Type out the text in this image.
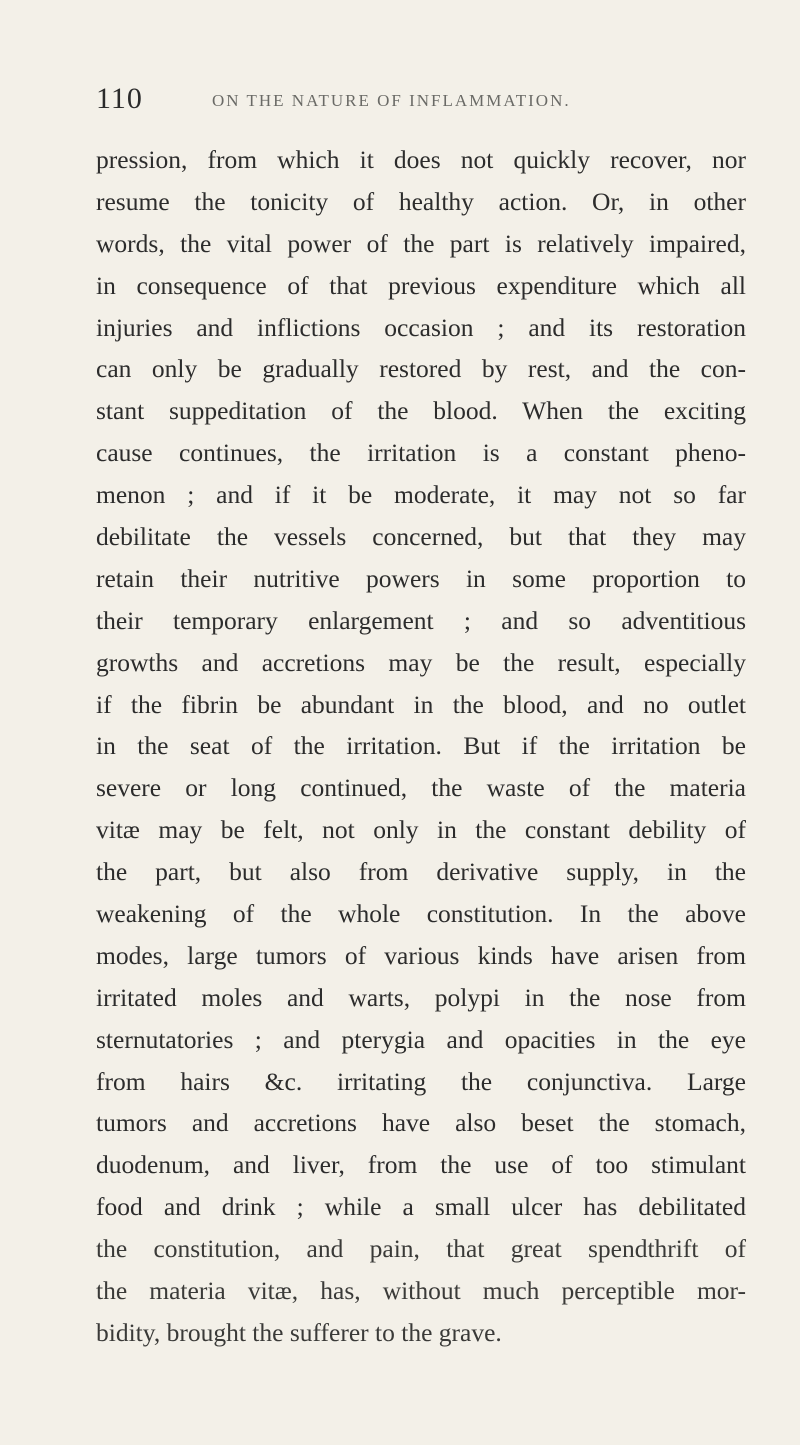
110	ON THE NATURE OF INFLAMMATION.
pression, from which it does not quickly recover, nor
resume the tonicity of healthy action. Or, in other
words, the vital power of the part is relatively impaired,
in consequence of that previous expenditure which all
injuries and inflictions occasion ; and its restoration
can only be gradually restored by rest, and the con-
stant suppeditation of the blood. When the exciting
cause continues, the irritation is a constant pheno-
menon ; and if it be moderate, it may not so far
debilitate the vessels concerned, but that they may
retain their nutritive powers in some proportion to
their temporary enlargement ; and so adventitious
growths and accretions may be the result, especially
if the fibrin be abundant in the blood, and no outlet
in the seat of the irritation. But if the irritation be
severe or long continued, the waste of the materia
vitæ may be felt, not only in the constant debility of
the part, but also from derivative supply, in the
weakening of the whole constitution. In the above
modes, large tumors of various kinds have arisen from
irritated moles and warts, polypi in the nose from
sternutatories ; and pterygia and opacities in the eye
from hairs &c. irritating the conjunctiva. Large
tumors and accretions have also beset the stomach,
duodenum, and liver, from the use of too stimulant
food and drink ; while a small ulcer has debilitated
the constitution, and pain, that great spendthrift of
the materia vitæ, has, without much perceptible mor-
bidity, brought the sufferer to the grave.
